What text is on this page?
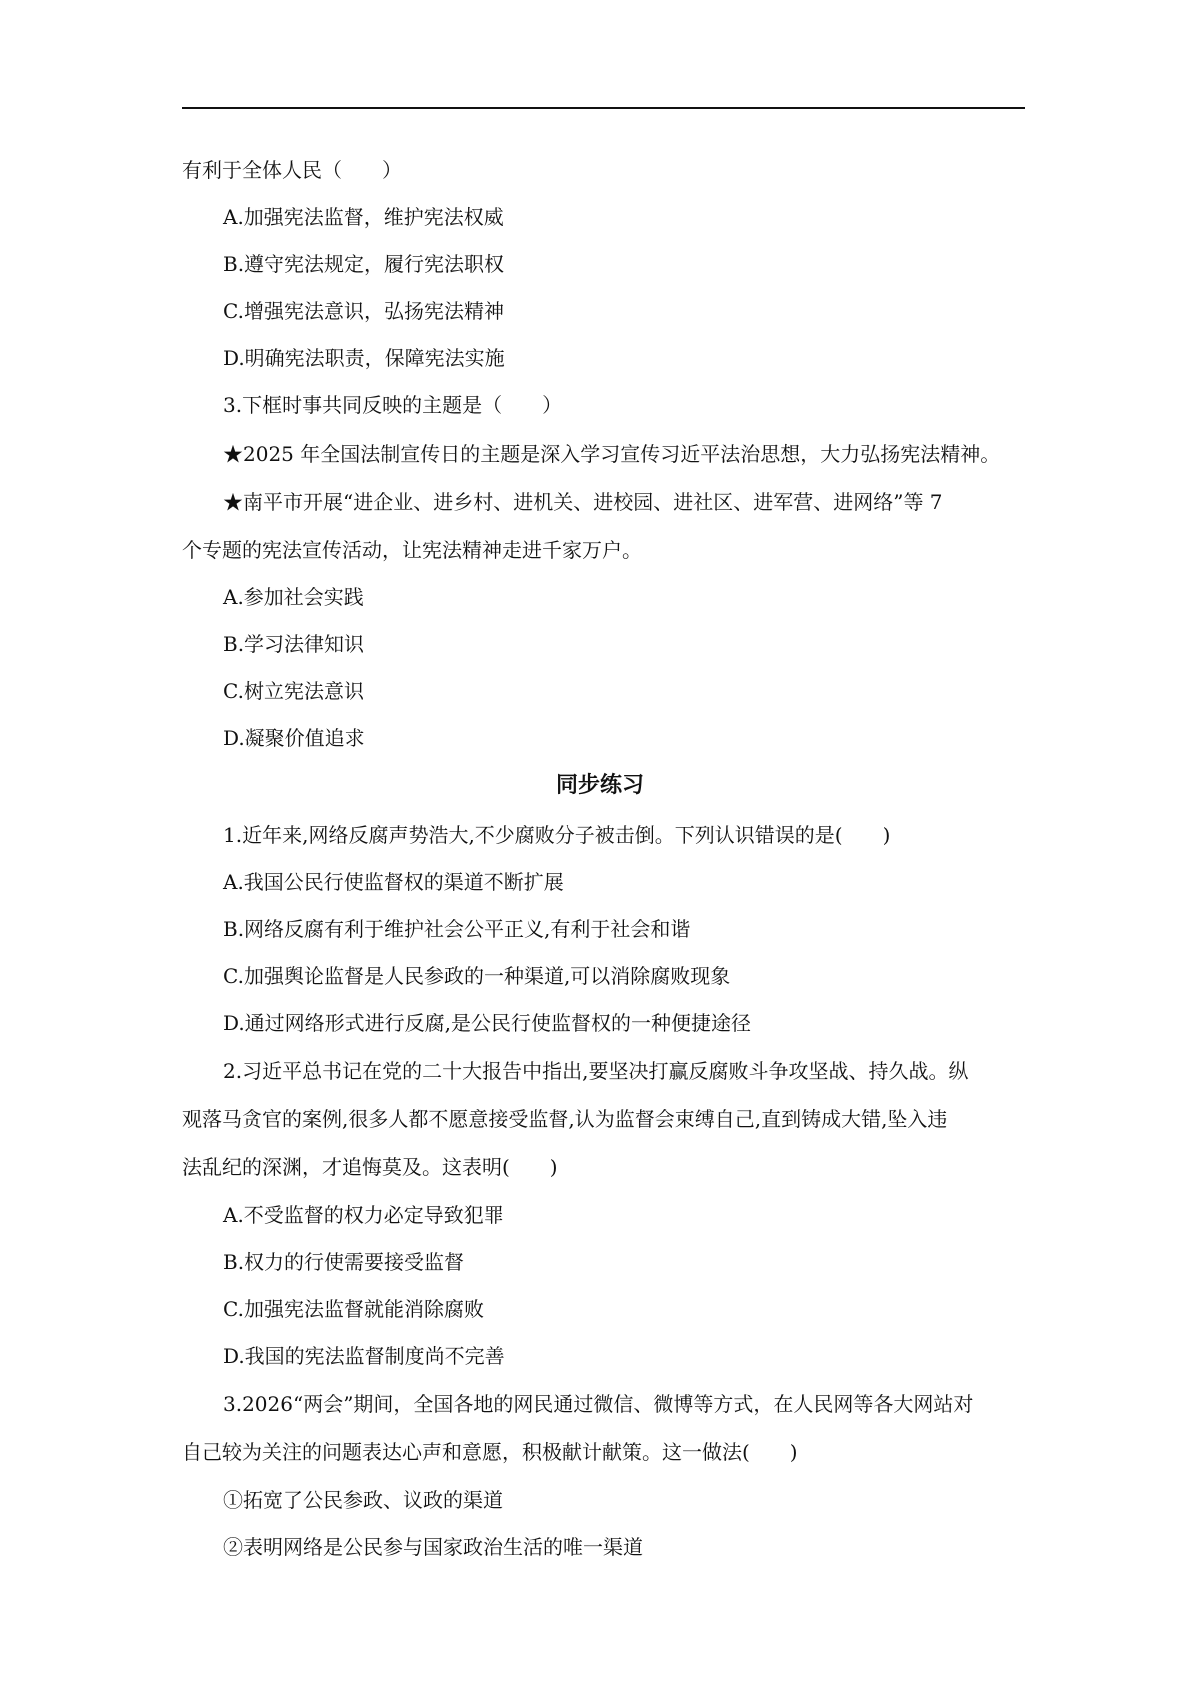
有利于全体人民（　　）
A.加强宪法监督，维护宪法权威
B.遵守宪法规定，履行宪法职权
C.增强宪法意识，弘扬宪法精神
D.明确宪法职责，保障宪法实施
3.下框时事共同反映的主题是（　　）
★2025 年全国法制宣传日的主题是深入学习宣传习近平法治思想，大力弘扬宪法精神。
★南平市开展“进企业、进乡村、进机关、进校园、进社区、进军营、进网络”等 7
个专题的宪法宣传活动，让宪法精神走进千家万户。
A.参加社会实践
B.学习法律知识
C.树立宪法意识
D.凝聚价值追求
同步练习
1.近年来,网络反腐声势浩大,不少腐败分子被击倒。下列认识错误的是(　　)
A.我国公民行使监督权的渠道不断扩展
B.网络反腐有利于维护社会公平正义,有利于社会和谐
C.加强舆论监督是人民参政的一种渠道,可以消除腐败现象
D.通过网络形式进行反腐,是公民行使监督权的一种便捷途径
2.习近平总书记在党的二十大报告中指出,要坚决打赢反腐败斗争攻坚战、持久战。纵
观落马贪官的案例,很多人都不愿意接受监督,认为监督会束缚自己,直到铸成大错,坠入违
法乱纪的深渊，才追悔莫及。这表明(　　)
A.不受监督的权力必定导致犯罪
B.权力的行使需要接受监督
C.加强宪法监督就能消除腐败
D.我国的宪法监督制度尚不完善
3.2026“两会”期间，全国各地的网民通过微信、微博等方式，在人民网等各大网站对
自己较为关注的问题表达心声和意愿，积极献计献策。这一做法(　　)
①拓宽了公民参政、议政的渠道
②表明网络是公民参与国家政治生活的唯一渠道
